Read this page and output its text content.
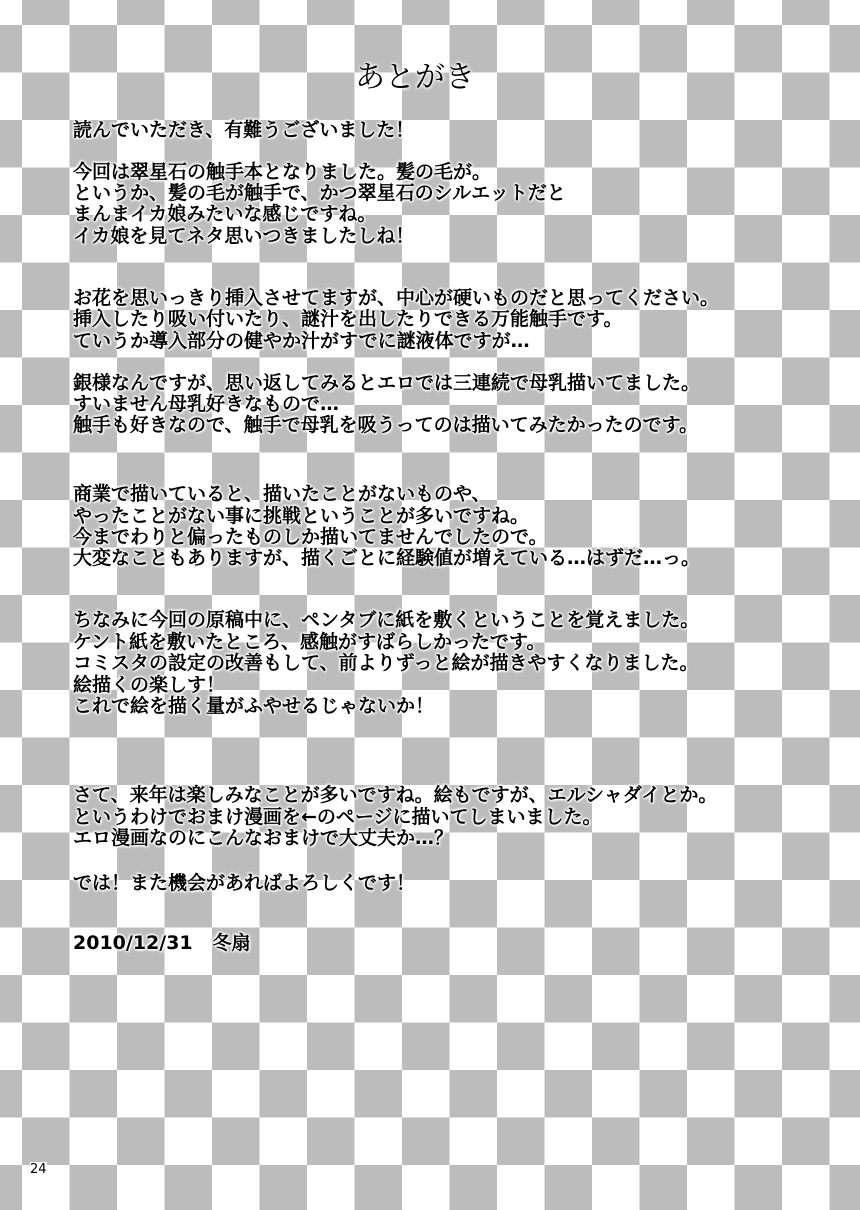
あとがき
読んでいただき、有難うございました！
今回は翠星石の触手本となりました。髪の毛が。
というか、髪の毛が触手で、かつ翠星石のシルエットだと
まんまイカ娘みたいな感じですね。
イカ娘を見てネタ思いつきましたしね！
お花を思いっきり挿入させてますが、中心が硬いものだと思ってください。
挿入したり吸い付いたり、謎汁を出したりできる万能触手です。
ていうか導入部分の健やか汁がすでに謎液体ですが…
銀様なんですが、思い返してみるとエロでは三連続で母乳描いてました。
すいません母乳好きなもので…
触手も好きなので、触手で母乳を吸うってのは描いてみたかったのです。
商業で描いていると、描いたことがないものや、
やったことがない事に挑戦ということが多いですね。
今までわりと偏ったものしか描いてませんでしたので。
大変なこともありますが、描くごとに経験値が増えている…はずだ…っ。
ちなみに今回の原稿中に、ペンタブに紙を敷くということを覚えました。
ケント紙を敷いたところ、感触がすばらしかったです。
コミスタの設定の改善もして、前よりずっと絵が描きやすくなりました。
絵描くの楽しす！
これで絵を描く量がふやせるじゃないか！
さて、来年は楽しみなことが多いですね。絵もですが、エルシャダイとか。
というわけでおまけ漫画を←のページに描いてしまいました。
エロ漫画なのにこんなおまけで大丈夫か…？
では！また機会があればよろしくです！
2010/12/31 冬扇
24
